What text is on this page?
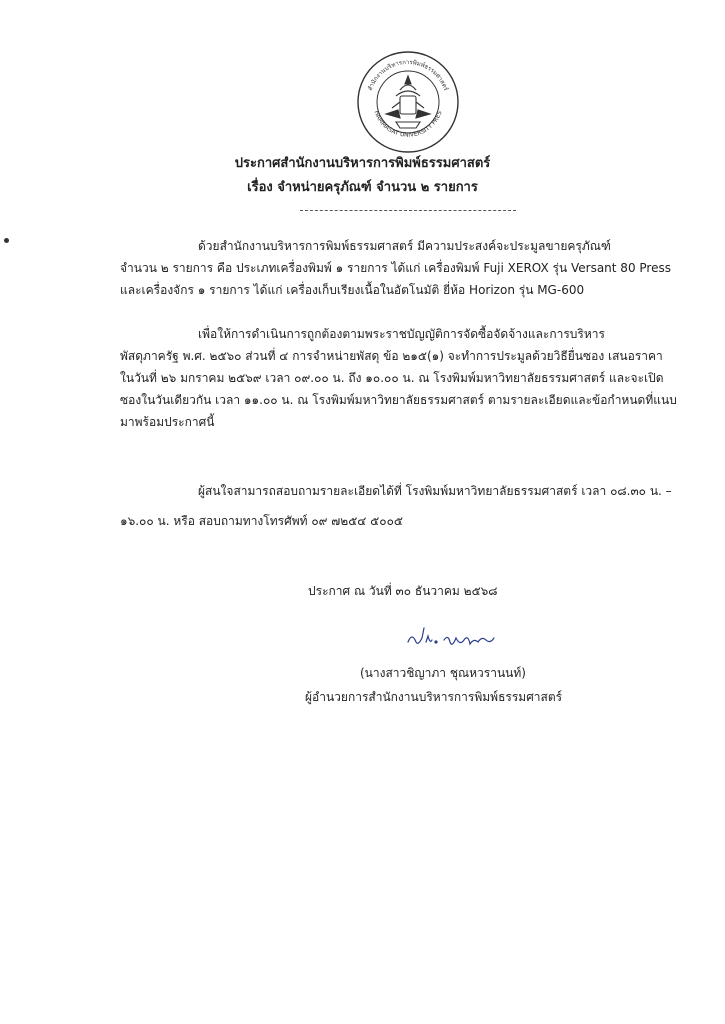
สำนักงานบริหารการพิมพ์ธรรมศาสตร์
HAMMASAT UNIVERSITY PRES
ประกาศสำนักงานบริหารการพิมพ์ธรรมศาสตร์
เรื่อง จำหน่ายครุภัณฑ์ จำนวน ๒ รายการ
ด้วยสำนักงานบริหารการพิมพ์ธรรมศาสตร์ มีความประสงค์จะประมูลขายครุภัณฑ์
จำนวน ๒ รายการ คือ ประเภทเครื่องพิมพ์ ๑ รายการ ได้แก่ เครื่องพิมพ์ Fuji XEROX รุ่น Versant 80 Press
และเครื่องจักร ๑ รายการ ได้แก่ เครื่องเก็บเรียงเนื้อในอัตโนมัติ ยี่ห้อ Horizon รุ่น MG-600
เพื่อให้การดำเนินการถูกต้องตามพระราชบัญญัติการจัดซื้อจัดจ้างและการบริหาร
พัสดุภาครัฐ พ.ศ. ๒๕๖๐ ส่วนที่ ๔ การจำหน่ายพัสดุ ข้อ ๒๑๕(๑) จะทำการประมูลด้วยวิธียื่นซอง เสนอราคา
ในวันที่ ๒๖ มกราคม ๒๕๖๙ เวลา ๐๙.๐๐ น. ถึง ๑๐.๐๐ น. ณ โรงพิมพ์มหาวิทยาลัยธรรมศาสตร์ และจะเปิด
ซองในวันเดียวกัน เวลา ๑๑.๐๐ น. ณ โรงพิมพ์มหาวิทยาลัยธรรมศาสตร์ ตามรายละเอียดและข้อกำหนดที่แนบ
มาพร้อมประกาศนี้
ผู้สนใจสามารถสอบถามรายละเอียดได้ที่ โรงพิมพ์มหาวิทยาลัยธรรมศาสตร์ เวลา ๐๘.๓๐ น. –
๑๖.๐๐ น. หรือ สอบถามทางโทรศัพท์ ๐๙ ๗๒๕๔ ๕๐๐๕
ประกาศ ณ วันที่ ๓๐ ธันวาคม ๒๕๖๘
(นางสาวชิญาภา ชุณหวรานนท์)
ผู้อำนวยการสำนักงานบริหารการพิมพ์ธรรมศาสตร์
